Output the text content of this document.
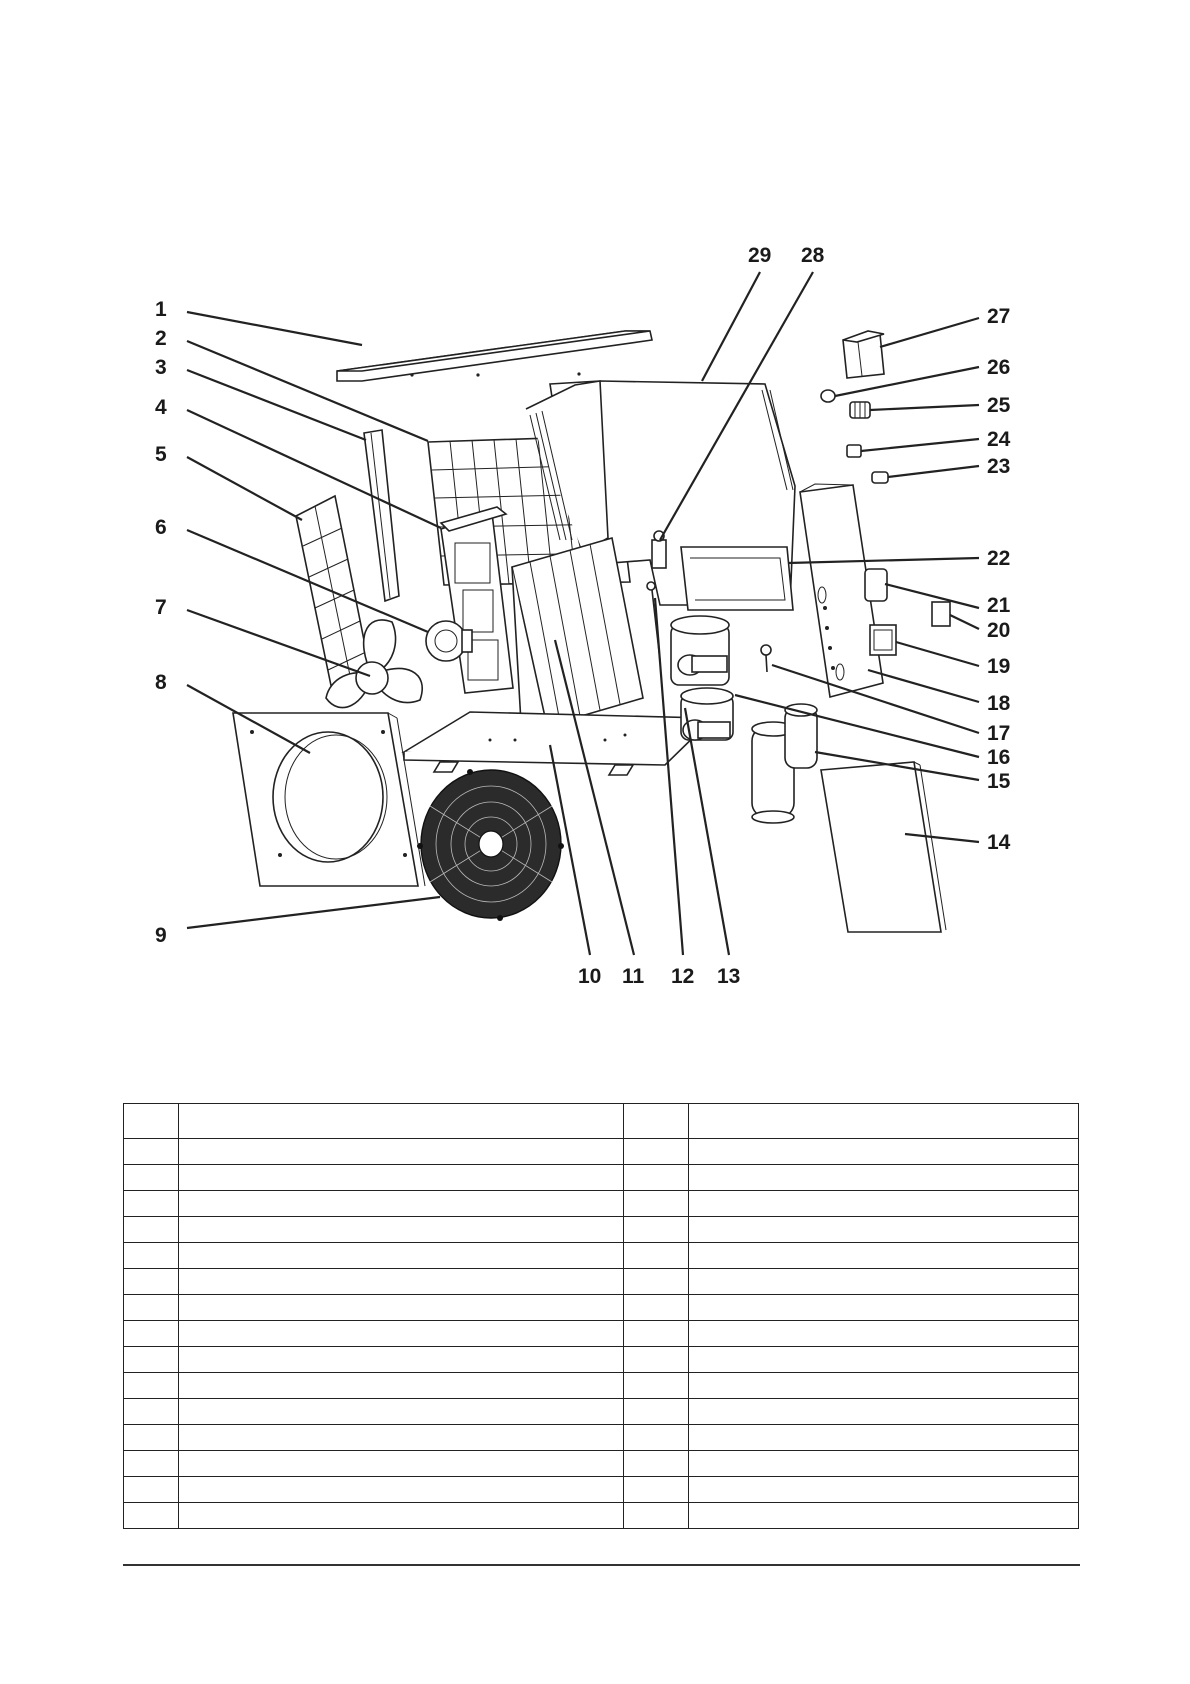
1
2
3
4
5
6
7
8
9
10 11 12 13
14
15
16
17
18
19
20
21
22
23
24
25
26
27
28
29
